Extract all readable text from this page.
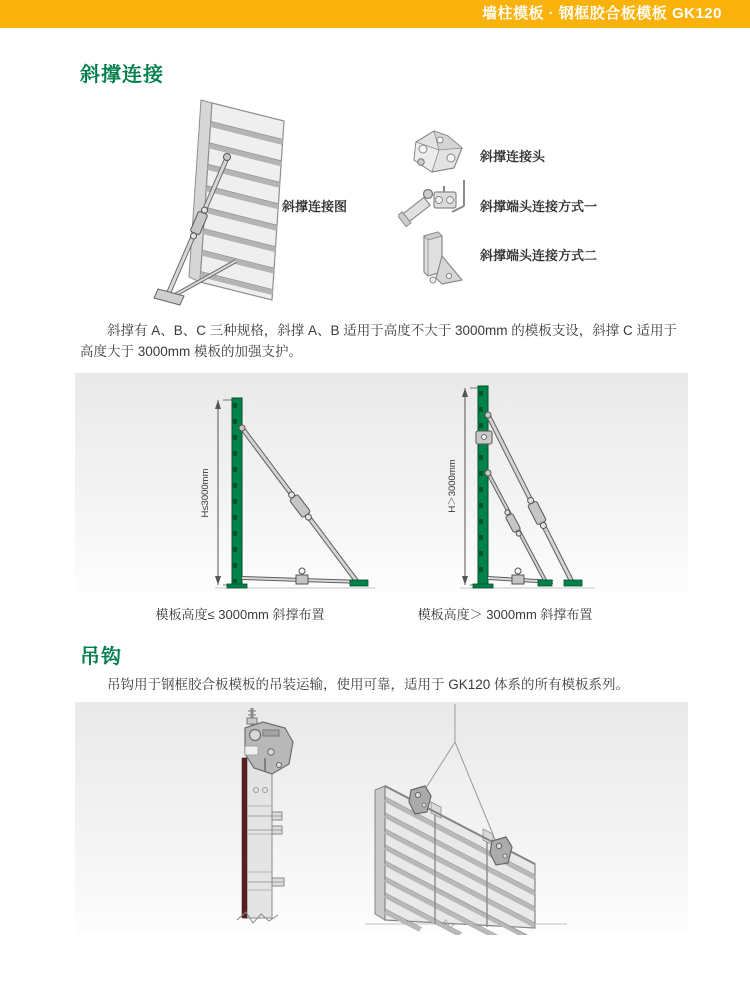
墙柱模板 · 钢框胶合板模板 GK120
斜撑连接
斜撑连接图
斜撑连接头
斜撑端头连接方式一
斜撑端头连接方式二

斜撑有 A、B、C 三种规格，斜撑 A、B 适用于高度不大于 3000mm 的模板支设，斜撑 C 适用于高度大于 3000mm 模板的加强支护。

H≤3000mm	H＞3000mm
模板高度≤ 3000mm 斜撑布置	模板高度＞ 3000mm 斜撑布置
吊钩

吊钩用于钢框胶合板模板的吊装运输，使用可靠，适用于 GK120 体系的所有模板系列。
